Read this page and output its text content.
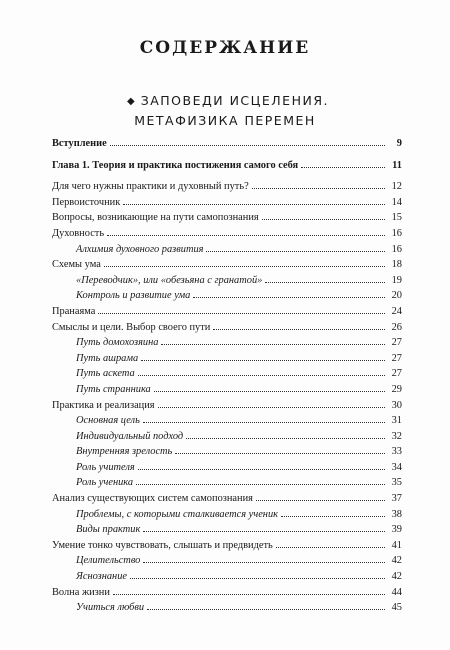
СОДЕРЖАНИЕ
◆ ЗАПОВЕДИ ИСЦЕЛЕНИЯ.
МЕТАФИЗИКА ПЕРЕМЕН
Вступление	9
Глава 1. Теория и практика постижения самого себя	11
Для чего нужны практики и духовный путь?	12
Первоисточник	14
Вопросы, возникающие на пути самопознания	15
Духовность	16
Алхимия духовного развития	16
Схемы ума	18
«Переводчик», или «обезьяна с гранатой»	19
Контроль и развитие ума	20
Пранаяма	24
Смыслы и цели. Выбор своего пути	26
Путь домохозяина	27
Путь ашрама	27
Путь аскета	27
Путь странника	29
Практика и реализация	30
Основная цель	31
Индивидуальный подход	32
Внутренняя зрелость	33
Роль учителя	34
Роль ученика	35
Анализ существующих систем самопознания	37
Проблемы, с которыми сталкивается ученик	38
Виды практик	39
Умение тонко чувствовать, слышать и предвидеть	41
Целительство	42
Яснознание	42
Волна жизни	44
Учиться любви	45
